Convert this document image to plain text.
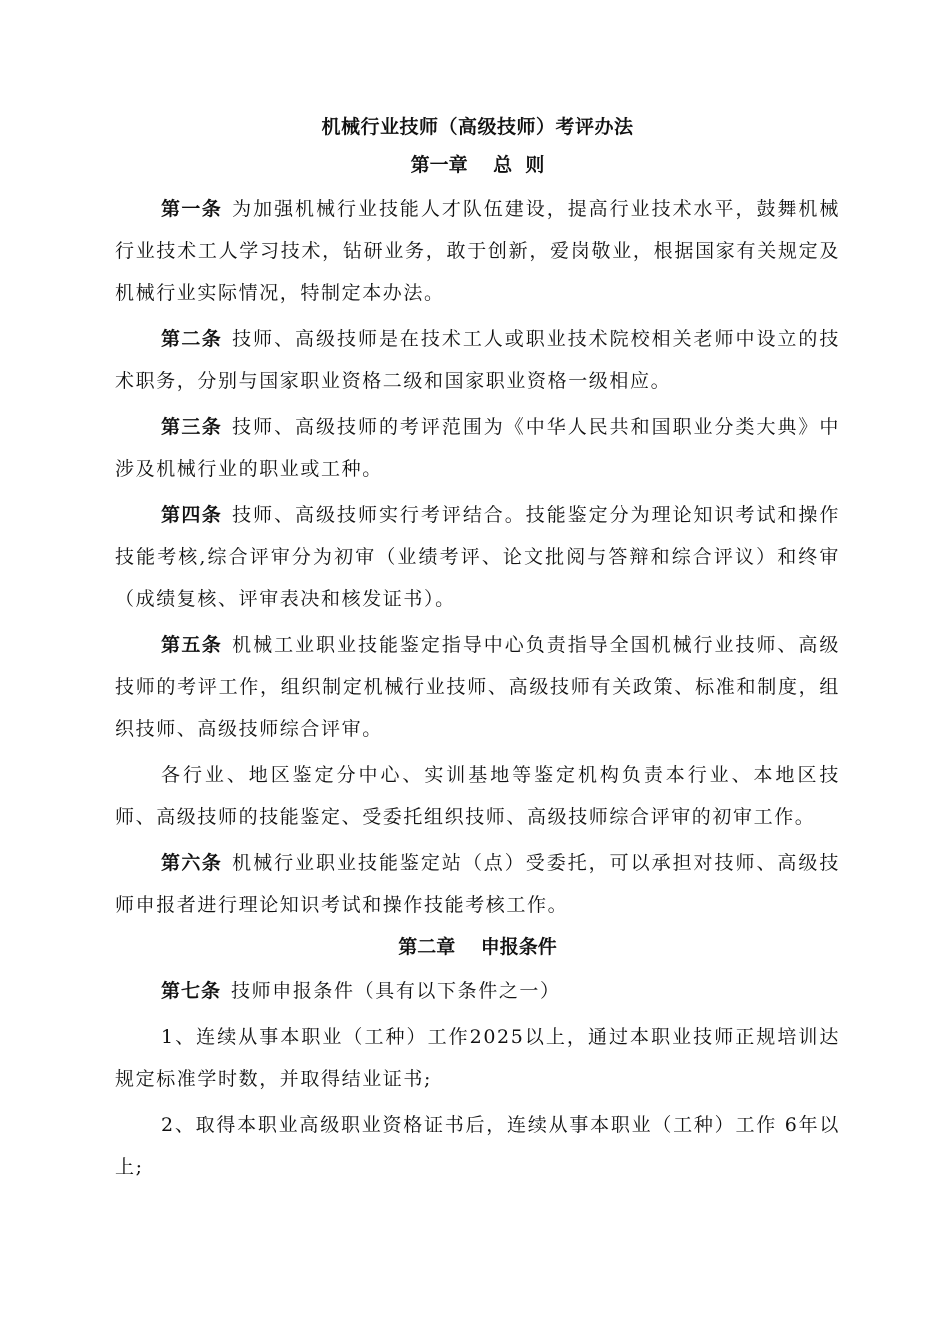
机械行业技师（高级技师）考评办法
第一章　 总  则

第一条 为加强机械行业技能人才队伍建设，提高行业技术水平，鼓舞机械行业技术工人学习技术，钻研业务，敢于创新，爱岗敬业，根据国家有关规定及机械行业实际情况，特制定本办法。

第二条 技师、高级技师是在技术工人或职业技术院校相关老师中设立的技术职务，分别与国家职业资格二级和国家职业资格一级相应。

第三条 技师、高级技师的考评范围为《中华人民共和国职业分类大典》中涉及机械行业的职业或工种。

第四条 技师、高级技师实行考评结合。技能鉴定分为理论知识考试和操作技能考核,综合评审分为初审（业绩考评、论文批阅与答辩和综合评议）和终审（成绩复核、评审表决和核发证书）。

第五条 机械工业职业技能鉴定指导中心负责指导全国机械行业技师、高级技师的考评工作，组织制定机械行业技师、高级技师有关政策、标准和制度，组织技师、高级技师综合评审。

各行业、地区鉴定分中心、实训基地等鉴定机构负责本行业、本地区技师、高级技师的技能鉴定、受委托组织技师、高级技师综合评审的初审工作。

第六条 机械行业职业技能鉴定站（点）受委托，可以承担对技师、高级技师申报者进行理论知识考试和操作技能考核工作。

第二章 　申报条件

第七条 技师申报条件（具有以下条件之一）

1、连续从事本职业（工种）工作2025以上，通过本职业技师正规培训达规定标准学时数，并取得结业证书;

2、取得本职业高级职业资格证书后，连续从事本职业（工种）工作 6年以上;
